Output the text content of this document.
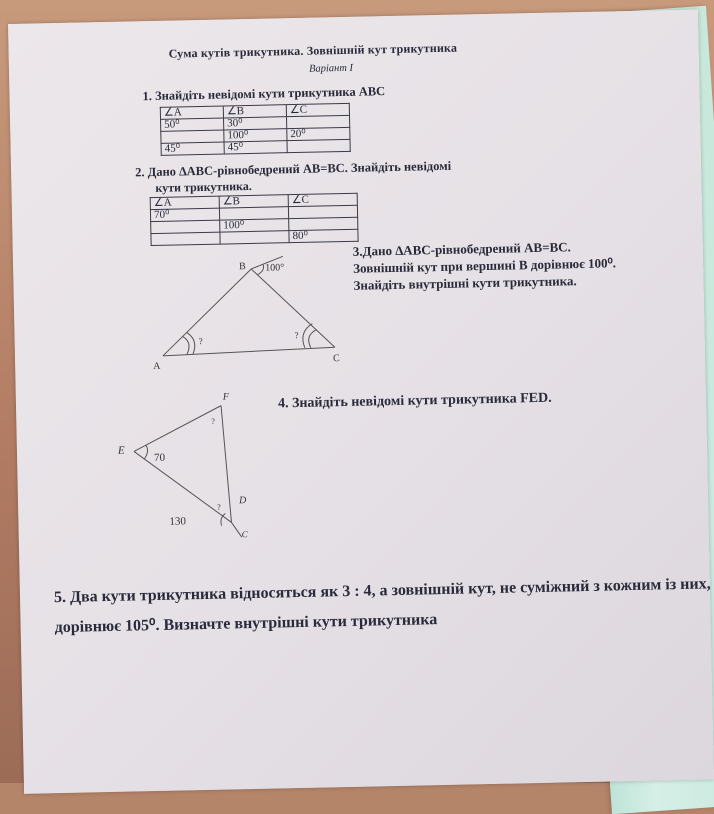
Сума кутів трикутника. Зовнішній кут трикутника
Варіант I
1. Знайдіть невідомі кути трикутника АВС
∠A	∠B	∠C
50⁰	30⁰	
	100⁰	20⁰
45⁰	45⁰	
2. Дано ∆АВС-рівнобедрений АВ=ВС. Знайдіть невідомі
кути трикутника.
∠A	∠B	∠C
70⁰		
	100⁰	
		80⁰
A
B
C
100°
?
?
3.Дано ∆АВС-рівнобедрений АВ=ВС. Зовнішній кут при вершині В дорівнює 100⁰. Знайдіть внутрішні кути трикутника.
E
F
D
70
130
?
?
C
4. Знайдіть невідомі кути трикутника FED.
5. Два кути трикутника відносяться як 3 : 4, а зовнішній кут, не суміжний з кожним із них, дорівнює 105⁰. Визначте внутрішні кути трикутника
